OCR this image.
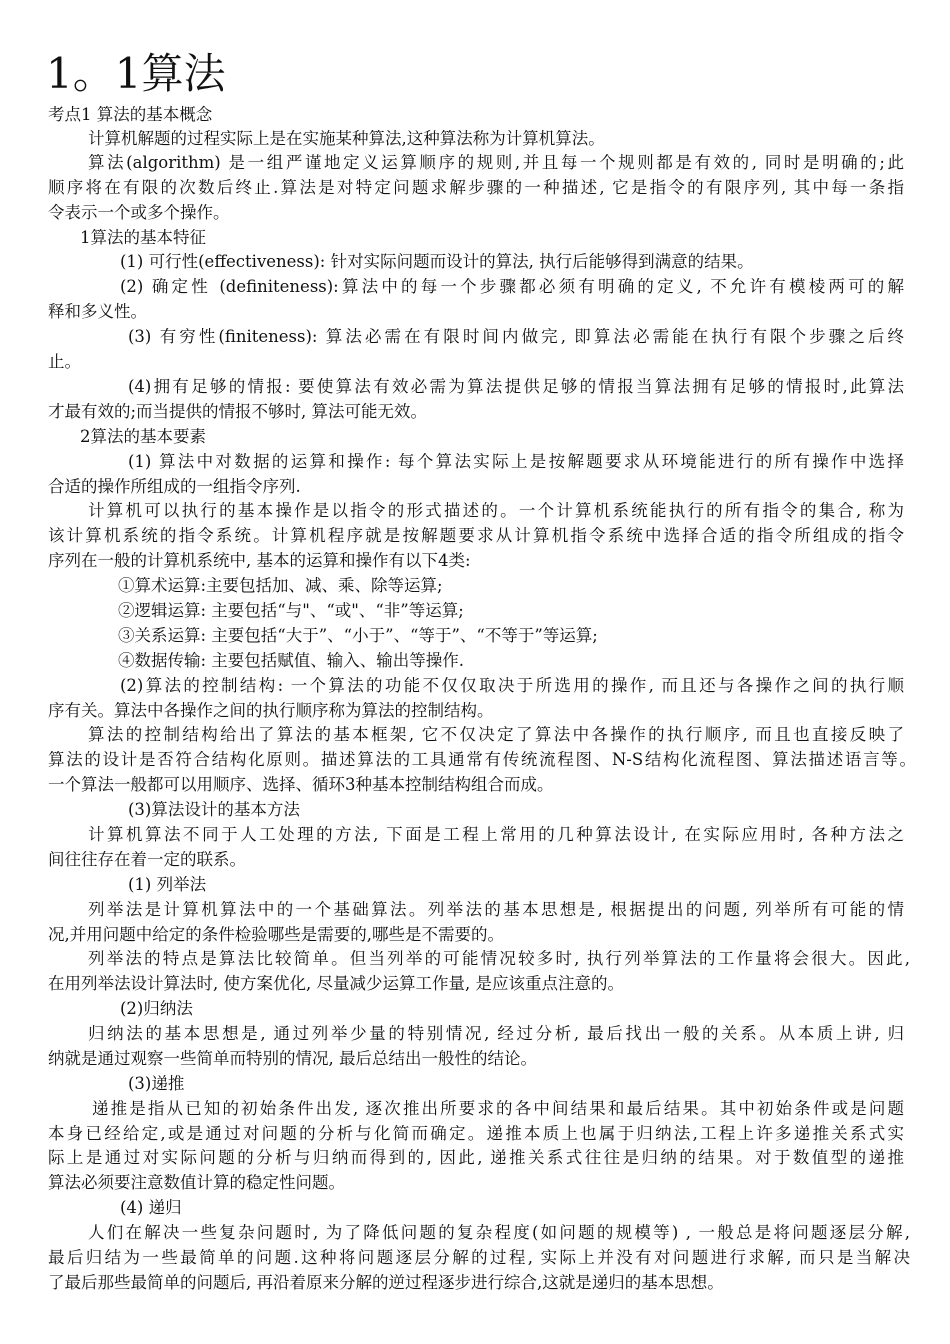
1。1算法

考点1 算法的基本概念

计算机解题的过程实际上是在实施某种算法,这种算法称为计算机算法。

算法(algorithm) 是一组严谨地定义运算顺序的规则,并且每一个规则都是有效的, 同时是明确的;此

顺序将在有限的次数后终止.算法是对特定问题求解步骤的一种描述, 它是指令的有限序列, 其中每一条指

令表示一个或多个操作。

1算法的基本特征

(1) 可行性(effectiveness): 针对实际问题而设计的算法, 执行后能够得到满意的结果。

(2) 确定性 (definiteness):算法中的每一个步骤都必须有明确的定义, 不允许有模棱两可的解

释和多义性。

(3) 有穷性(finiteness): 算法必需在有限时间内做完, 即算法必需能在执行有限个步骤之后终

止。

(4)拥有足够的情报: 要使算法有效必需为算法提供足够的情报当算法拥有足够的情报时,此算法

才最有效的;而当提供的情报不够时, 算法可能无效。

2算法的基本要素

(1) 算法中对数据的运算和操作: 每个算法实际上是按解题要求从环境能进行的所有操作中选择

合适的操作所组成的一组指令序列.

计算机可以执行的基本操作是以指令的形式描述的。一个计算机系统能执行的所有指令的集合, 称为

该计算机系统的指令系统。计算机程序就是按解题要求从计算机指令系统中选择合适的指令所组成的指令

序列在一般的计算机系统中, 基本的运算和操作有以下4类:

①算术运算:主要包括加、减、乘、除等运算;

②逻辑运算: 主要包括“与"、“或"、“非”等运算;

③关系运算: 主要包括“大于”、“小于”、“等于”、“不等于”等运算;

④数据传输: 主要包括赋值、输入、输出等操作.

(2)算法的控制结构: 一个算法的功能不仅仅取决于所选用的操作, 而且还与各操作之间的执行顺

序有关。算法中各操作之间的执行顺序称为算法的控制结构。

算法的控制结构给出了算法的基本框架, 它不仅决定了算法中各操作的执行顺序, 而且也直接反映了

算法的设计是否符合结构化原则。描述算法的工具通常有传统流程图、N-S结构化流程图、算法描述语言等。

一个算法一般都可以用顺序、选择、循环3种基本控制结构组合而成。

(3)算法设计的基本方法

计算机算法不同于人工处理的方法, 下面是工程上常用的几种算法设计, 在实际应用时, 各种方法之

间往往存在着一定的联系。

(1) 列举法

列举法是计算机算法中的一个基础算法。列举法的基本思想是, 根据提出的问题, 列举所有可能的情

况,并用问题中给定的条件检验哪些是需要的,哪些是不需要的。

列举法的特点是算法比较简单。但当列举的可能情况较多时, 执行列举算法的工作量将会很大。因此,

在用列举法设计算法时, 使方案优化, 尽量减少运算工作量, 是应该重点注意的。

(2)归纳法

归纳法的基本思想是, 通过列举少量的特别情况, 经过分析, 最后找出一般的关系。从本质上讲, 归

纳就是通过观察一些简单而特别的情况, 最后总结出一般性的结论。

(3)递推

递推是指从已知的初始条件出发, 逐次推出所要求的各中间结果和最后结果。其中初始条件或是问题

本身已经给定,或是通过对问题的分析与化简而确定。递推本质上也属于归纳法,工程上许多递推关系式实

际上是通过对实际问题的分析与归纳而得到的, 因此, 递推关系式往往是归纳的结果。对于数值型的递推

算法必须要注意数值计算的稳定性问题。

(4) 递归

人们在解决一些复杂问题时, 为了降低问题的复杂程度(如问题的规模等) , 一般总是将问题逐层分解,

最后归结为一些最简单的问题.这种将问题逐层分解的过程, 实际上并没有对问题进行求解, 而只是当解决

了最后那些最简单的问题后, 再沿着原来分解的逆过程逐步进行综合,这就是递归的基本思想。
